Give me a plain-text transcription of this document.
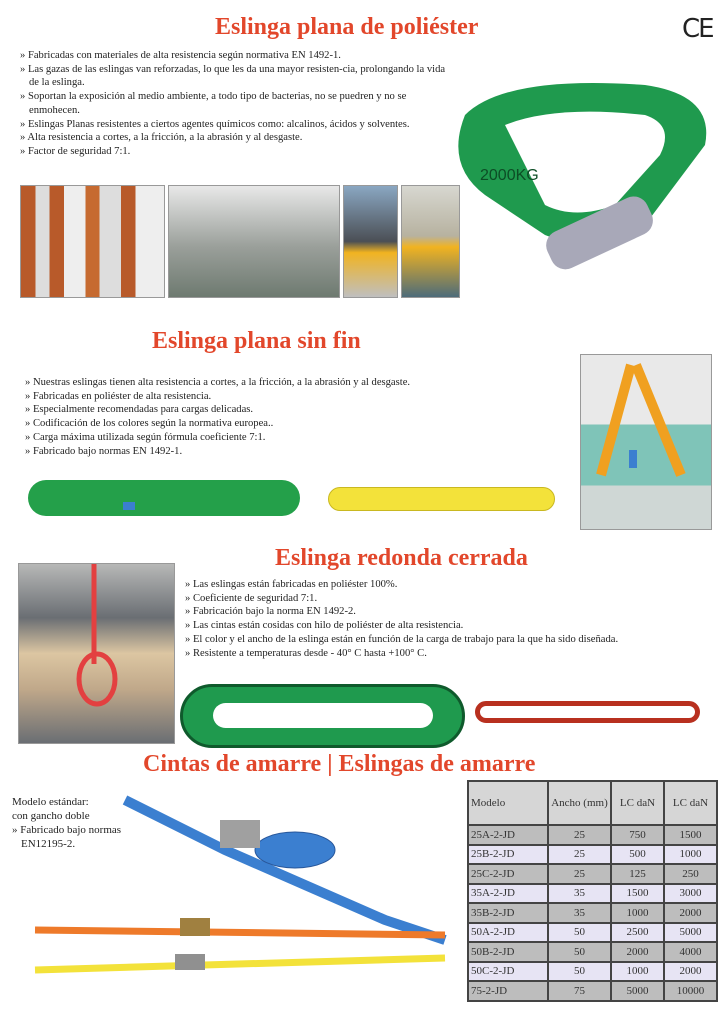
Eslinga plana de poliéster	CE
» Fabricadas con materiales de alta resistencia según normativa EN 1492-1.
» Las gazas de las eslingas van reforzadas, lo que les da una mayor resisten-cia, prolongando la vida de la eslinga.
» Soportan la exposición al medio ambiente, a todo tipo de bacterias, no se puedren y no se enmohecen.
» Eslingas Planas resistentes a ciertos agentes químicos como: alcalinos, ácidos y solventes.
» Alta resistencia a cortes, a la fricción, a la abrasión y al desgaste.
» Factor de seguridad 7:1.
2000KG
Eslinga plana sin fin
» Nuestras eslingas tienen alta resistencia a cortes, a la fricción, a la abrasión y al desgaste.
» Fabricadas en poliéster de alta resistencia.
» Especialmente recomendadas para cargas delicadas.
» Codificación de los colores según la normativa europea..
» Carga máxima utilizada según fórmula coeficiente 7:1.
» Fabricado bajo normas EN 1492-1.
Eslinga redonda cerrada
» Las eslingas están fabricadas en poliéster 100%.
» Coeficiente de seguridad 7:1.
» Fabricación bajo la norma EN 1492-2.
» Las cintas están cosidas con hilo de poliéster de alta resistencia.
» El color y el ancho de la eslinga están en función de la carga de trabajo para la que ha sido diseñada.
» Resistente a temperaturas desde - 40° C hasta +100° C.
Cintas de amarre | Eslingas de amarre
Modelo estándar:
con gancho doble
» Fabricado bajo normas EN12195-2.
Modelo	Ancho (mm)	LC daN	LC daN
25A-2-JD	25	750	1500
25B-2-JD	25	500	1000
25C-2-JD	25	125	250
35A-2-JD	35	1500	3000
35B-2-JD	35	1000	2000
50A-2-JD	50	2500	5000
50B-2-JD	50	2000	4000
50C-2-JD	50	1000	2000
75-2-JD	75	5000	10000
